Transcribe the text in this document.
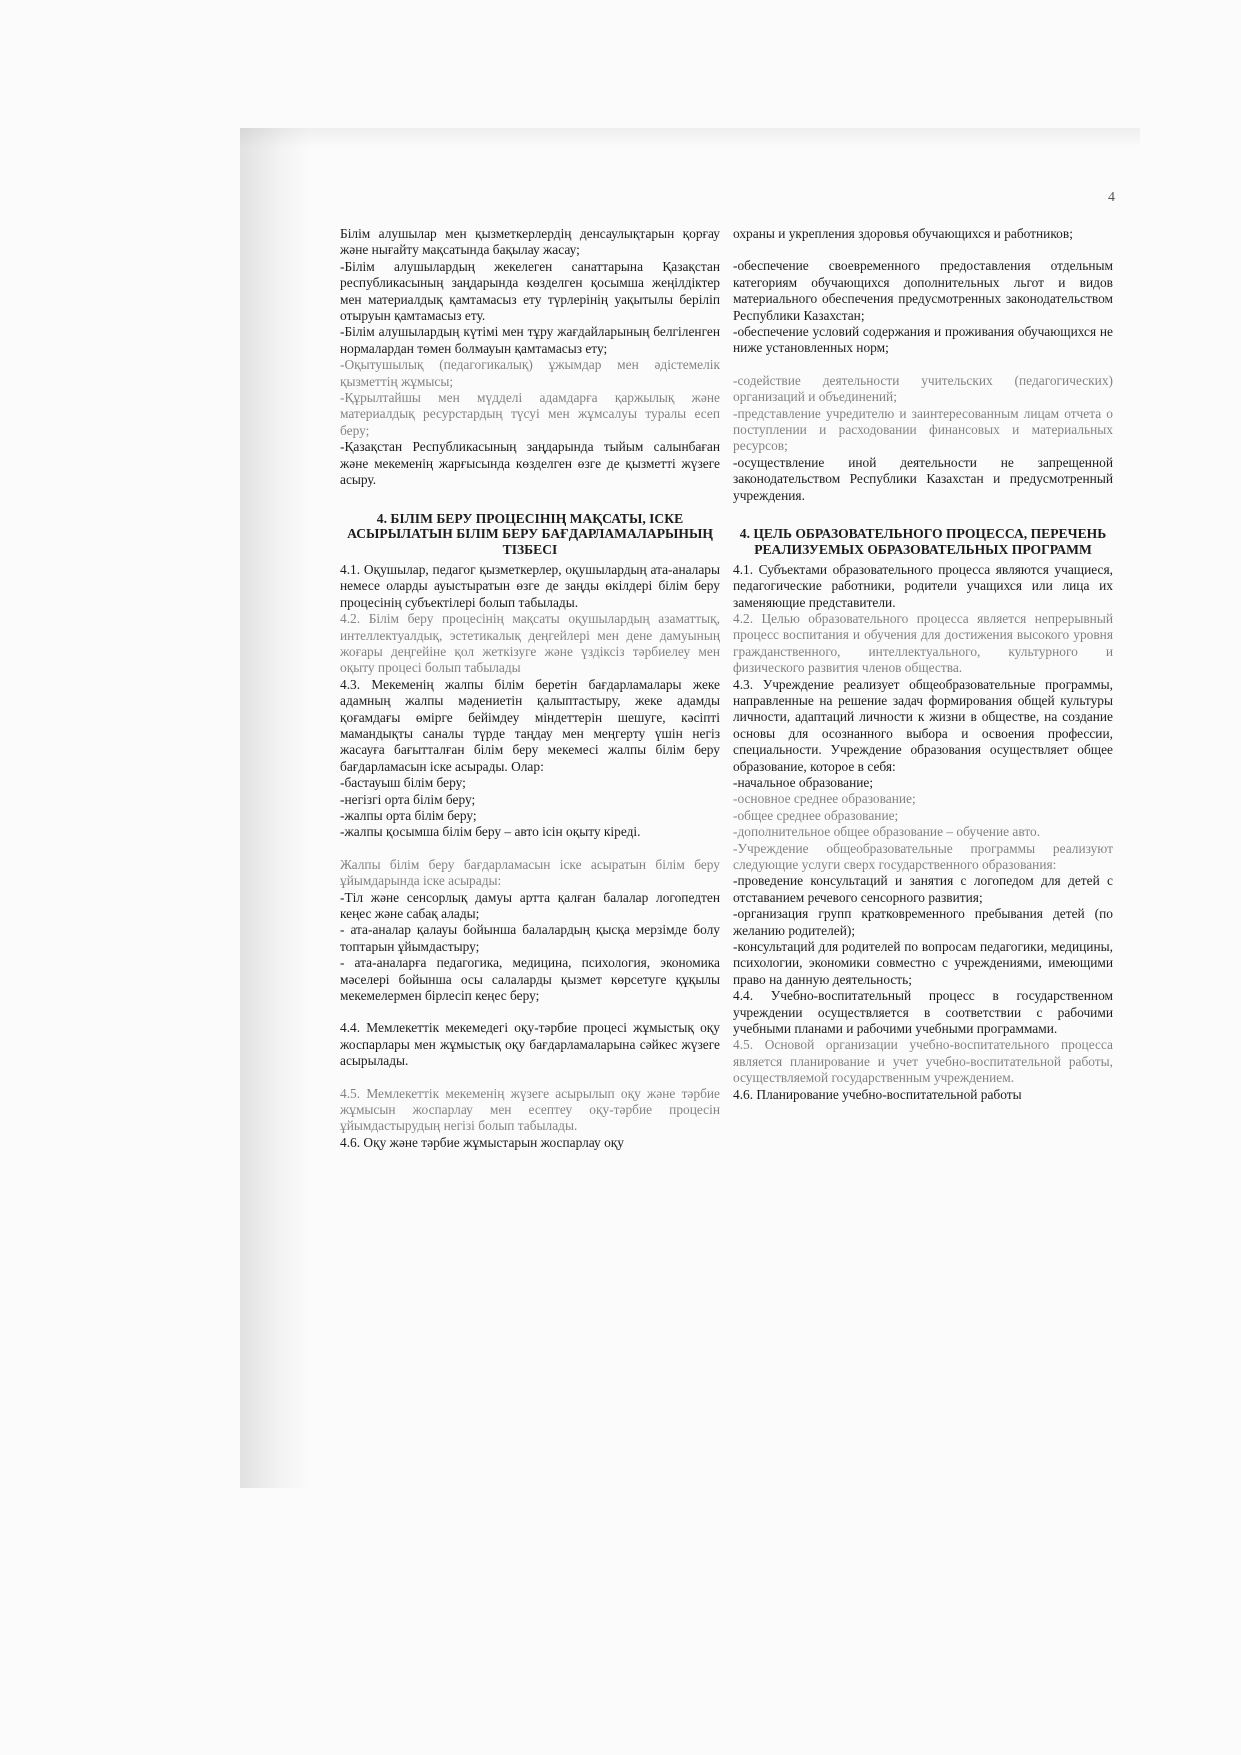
4

Білім алушылар мен қызметкерлердің денсаулықтарын қорғау және нығайту мақсатында бақылау жасау;

-Білім алушылардың жекелеген санаттарына Қазақстан республикасының заңдарында көзделген қосымша жеңілдіктер мен материалдық қамтамасыз ету түрлерінің уақытылы беріліп отыруын қамтамасыз ету.

-Білім алушылардың күтімі мен тұру жағдайларының белгіленген нормалардан төмен болмауын қамтамасыз ету;

-Оқытушылық (педагогикалық) ұжымдар мен әдістемелік қызметтің жұмысы;

-Құрылтайшы мен мүдделі адамдарға қаржылық және материалдық ресурстардың түсуі мен жұмсалуы туралы есеп беру;

-Қазақстан Республикасының заңдарында тыйым салынбаған және мекеменің жарғысында көзделген өзге де қызметті жүзеге асыру.

4. БІЛІМ БЕРУ ПРОЦЕСІНІҢ МАҚСАТЫ, ІСКЕ АСЫРЫЛАТЫН БІЛІМ БЕРУ БАҒДАРЛАМАЛАРЫНЫҢ ТІЗБЕСІ

4.1. Оқушылар, педагог қызметкерлер, оқушылардың ата-аналары немесе оларды ауыстыратын өзге де заңды өкілдері білім беру процесінің субъектілері болып табылады.

4.2. Білім беру процесінің мақсаты оқушылардың азаматтық, интеллектуалдық, эстетикалық деңгейлері мен дене дамуының жоғары деңгейіне қол жеткізуге және үздіксіз тәрбиелеу мен оқыту процесі болып табылады

4.3. Мекеменің жалпы білім беретін бағдарламалары жеке адамның жалпы мәдениетін қалыптастыру, жеке адамды қоғамдағы өмірге бейімдеу міндеттерін шешуге, кәсіпті мамандықты саналы түрде таңдау мен меңгерту үшін негіз жасауға бағытталған білім беру мекемесі жалпы білім беру бағдарламасын іске асырады. Олар:

-бастауыш білім беру;

-негізгі орта білім беру;

-жалпы орта білім беру;

-жалпы қосымша білім беру – авто ісін оқыту кіреді.

Жалпы білім беру бағдарламасын іске асыратын білім беру ұйымдарында іске асырады:

-Тіл және сенсорлық дамуы артта қалған балалар логопедтен кеңес және сабақ алады;

- ата-аналар қалауы бойынша балалардың қысқа мерзімде болу топтарын ұйымдастыру;

- ата-аналарға педагогика, медицина, психология, экономика мәселері бойынша осы салаларды қызмет көрсетуге құқылы мекемелермен бірлесіп кеңес беру;

4.4. Мемлекеттік мекемедегі оқу-тәрбие процесі жұмыстық оқу жоспарлары мен жұмыстық оқу бағдарламаларына сәйкес жүзеге асырылады.

4.5. Мемлекеттік мекеменің жүзеге асырылып оқу және тәрбие жұмысын жоспарлау мен есептеу оқу-тәрбие процесін ұйымдастырудың негізі болып табылады.

4.6. Оқу және тәрбие жұмыстарын жоспарлау оқу

охраны и укрепления здоровья обучающихся и работников;

-обеспечение своевременного предоставления отдельным категориям обучающихся дополнительных льгот и видов материального обеспечения предусмотренных законодательством Республики Казахстан;

-обеспечение условий содержания и проживания обучающихся не ниже установленных норм;

-содействие деятельности учительских (педагогических) организаций и объединений;

-представление учредителю и заинтересованным лицам отчета о поступлении и расходовании финансовых и материальных ресурсов;

-осуществление иной деятельности не запрещенной законодательством Республики Казахстан и предусмотренный учреждения.

4. ЦЕЛЬ ОБРАЗОВАТЕЛЬНОГО ПРОЦЕССА, ПЕРЕЧЕНЬ РЕАЛИЗУЕМЫХ ОБРАЗОВАТЕЛЬНЫХ ПРОГРАММ

4.1. Субъектами образовательного процесса являются учащиеся, педагогические работники, родители учащихся или лица их заменяющие представители.

4.2. Целью образовательного процесса является непрерывный процесс воспитания и обучения для достижения высокого уровня гражданственного, интеллектуального, культурного и физического развития членов общества.

4.3. Учреждение реализует общеобразовательные программы, направленные на решение задач формирования общей культуры личности, адаптаций личности к жизни в обществе, на создание основы для осознанного выбора и освоения профессии, специальности. Учреждение образования осуществляет общее образование, которое в себя:

-начальное образование;

-основное среднее образование;

-общее среднее образование;

-дополнительное общее образование – обучение авто.

-Учреждение общеобразовательные программы реализуют следующие услуги сверх государственного образования:

-проведение консультаций и занятия с логопедом для детей с отставанием речевого сенсорного развития;

-организация групп кратковременного пребывания детей (по желанию родителей);

-консультаций для родителей по вопросам педагогики, медицины, психологии, экономики совместно с учреждениями, имеющими право на данную деятельность;

4.4. Учебно-воспитательный процесс в государственном учреждении осуществляется в соответствии с рабочими учебными планами и рабочими учебными программами.

4.5. Основой организации учебно-воспитательного процесса является планирование и учет учебно-воспитательной работы, осуществляемой государственным учреждением.

4.6. Планирование учебно-воспитательной работы
